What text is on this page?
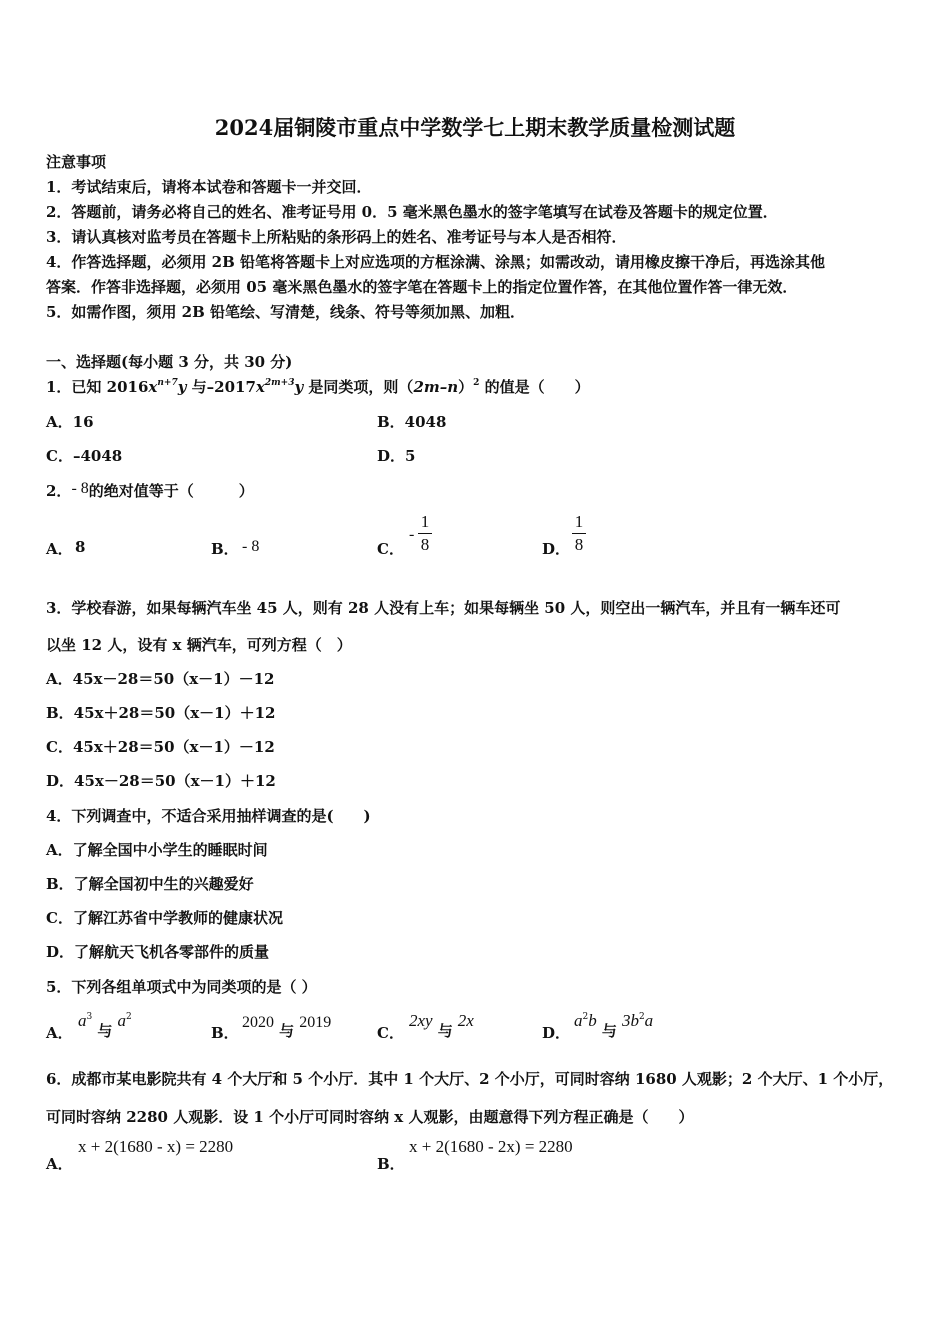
2024届铜陵市重点中学数学七上期末教学质量检测试题
注意事项
1．考试结束后，请将本试卷和答题卡一并交回．
2．答题前，请务必将自己的姓名、准考证号用 0．5 毫米黑色墨水的签字笔填写在试卷及答题卡的规定位置．
3．请认真核对监考员在答题卡上所粘贴的条形码上的姓名、准考证号与本人是否相符．
4．作答选择题，必须用 2B 铅笔将答题卡上对应选项的方框涂满、涂黑；如需改动，请用橡皮擦干净后，再选涂其他
答案．作答非选择题，必须用 05 毫米黑色墨水的签字笔在答题卡上的指定位置作答，在其他位置作答一律无效．
5．如需作图，须用 2B 铅笔绘、写清楚，线条、符号等须加黑、加粗．
一、选择题(每小题 3 分，共 30 分)
1．已知 $2016x^{n+7}y$ 与$-2017x^{2m+3}y$ 是同类项，则$(2m-n)^2$ 的值是（　　）
A．16	B．4048
C．–4048	D．5
2．- 8的绝对值等于（　　　）
A． 8	B． - 8	C．
-
1
8	D．
1
8
3．学校春游，如果每辆汽车坐 45 人，则有 28 人没有上车；如果每辆坐 50 人，则空出一辆汽车，并且有一辆车还可
以坐 12 人，设有 x 辆汽车，可列方程（　）
A．45x－28＝50（x－1）－12
B．45x＋28＝50（x－1）＋12
C．45x＋28＝50（x－1）－12
D．45x－28＝50（x－1）＋12
4．下列调查中，不适合采用抽样调查的是(　　)
A．了解全国中小学生的睡眠时间
B．了解全国初中生的兴趣爱好
C．了解江苏省中学教师的健康状况
D．了解航天飞机各零部件的质量
5．下列各组单项式中为同类项的是（ ）
A．
$a^3$ 与 $a^2$
B．
2020 与 2019
C．
2xy 与 2x
D．
$a^2b$ 与 $3b^2a$
6．成都市某电影院共有 4 个大厅和 5 个小厅．其中 1 个大厅、2 个小厅，可同时容纳 1680 人观影；2 个大厅、1 个小厅，
可同时容纳 2280 人观影．设 1 个小厅可同时容纳 x 人观影，由题意得下列方程正确是（　　）
A．
x + 2(1680 - x) = 2280
B．
x + 2(1680 - 2x) = 2280
